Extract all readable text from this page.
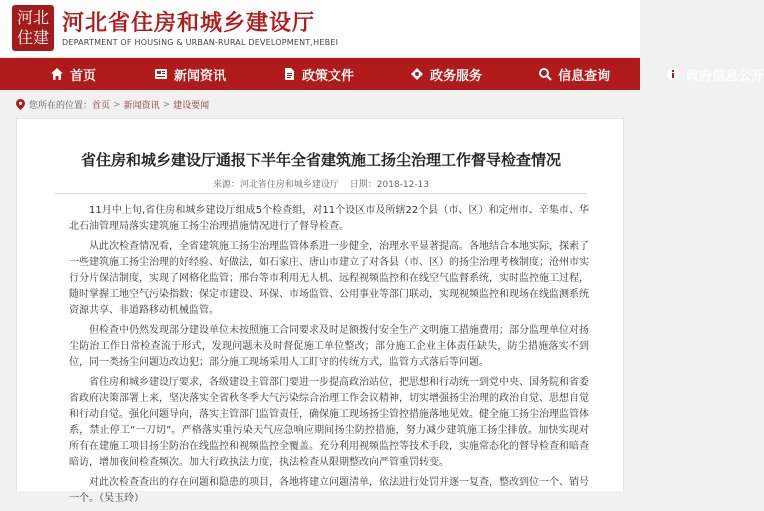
河北
住建
河北省住房和城乡建设厅
DEPARTMENT OF HOUSING & URBAN-RURAL DEVELOPMENT,HEBEI
首页	新闻资讯	政策文件	政务服务	信息查询	政府信息公开
您所在的位置： 首页 > 新闻资讯 > 建设要闻
省住房和城乡建设厅通报下半年全省建筑施工扬尘治理工作督导检查情况
来源：河北省住房和城乡建设厅 日期：2018-12-13

11月中上旬,省住房和城乡建设厅组成5个检查组，对11个设区市及所辖22个县（市、区）和定州市、辛集市、华北石油管理局落实建筑施工扬尘治理措施情况进行了督导检查。

从此次检查情况看，全省建筑施工扬尘治理监管体系进一步健全，治理水平显著提高。各地结合本地实际，探索了一些建筑施工扬尘治理的好经验、好做法，如石家庄、唐山市建立了对各县（市、区）的扬尘治理考核制度；沧州市实行分片保洁制度，实现了网格化监管；邢台等市利用无人机、远程视频监控和在线空气监督系统，实时监控施工过程，随时掌握工地空气污染指数；保定市建设、环保、市场监管、公用事业等部门联动，实现视频监控和现场在线监测系统资源共享、非道路移动机械监管。

但检查中仍然发现部分建设单位未按照施工合同要求及时足额拨付安全生产文明施工措施费用；部分监理单位对扬尘防治工作日常检查流于形式，发现问题未及时督促施工单位整改；部分施工企业主体责任缺失，防尘措施落实不到位，同一类扬尘问题边改边犯；部分施工现场采用人工盯守的传统方式，监管方式落后等问题。

省住房和城乡建设厅要求，各级建设主管部门要进一步提高政治站位，把思想和行动统一到党中央、国务院和省委省政府决策部署上来，坚决落实全省秋冬季大气污染综合治理工作会议精神，切实增强扬尘治理的政治自觉、思想自觉和行动自觉。强化问题导向，落实主管部门监管责任，确保施工现场扬尘管控措施落地见效。健全施工扬尘治理监管体系，禁止停工“一刀切”。严格落实重污染天气应急响应期间扬尘防控措施，努力减少建筑施工扬尘排放。加快实现对所有在建施工项目扬尘防治在线监控和视频监控全覆盖。充分利用视频监控等技术手段，实施常态化的督导检查和暗查暗访，增加夜间检查频次。加大行政执法力度，执法检查从限期整改向严管重罚转变。

对此次检查查出的存在问题和隐患的项目，各地将建立问题清单，依法进行处罚并逐一复查，整改到位一个、销号一个。（吴玉玲）
